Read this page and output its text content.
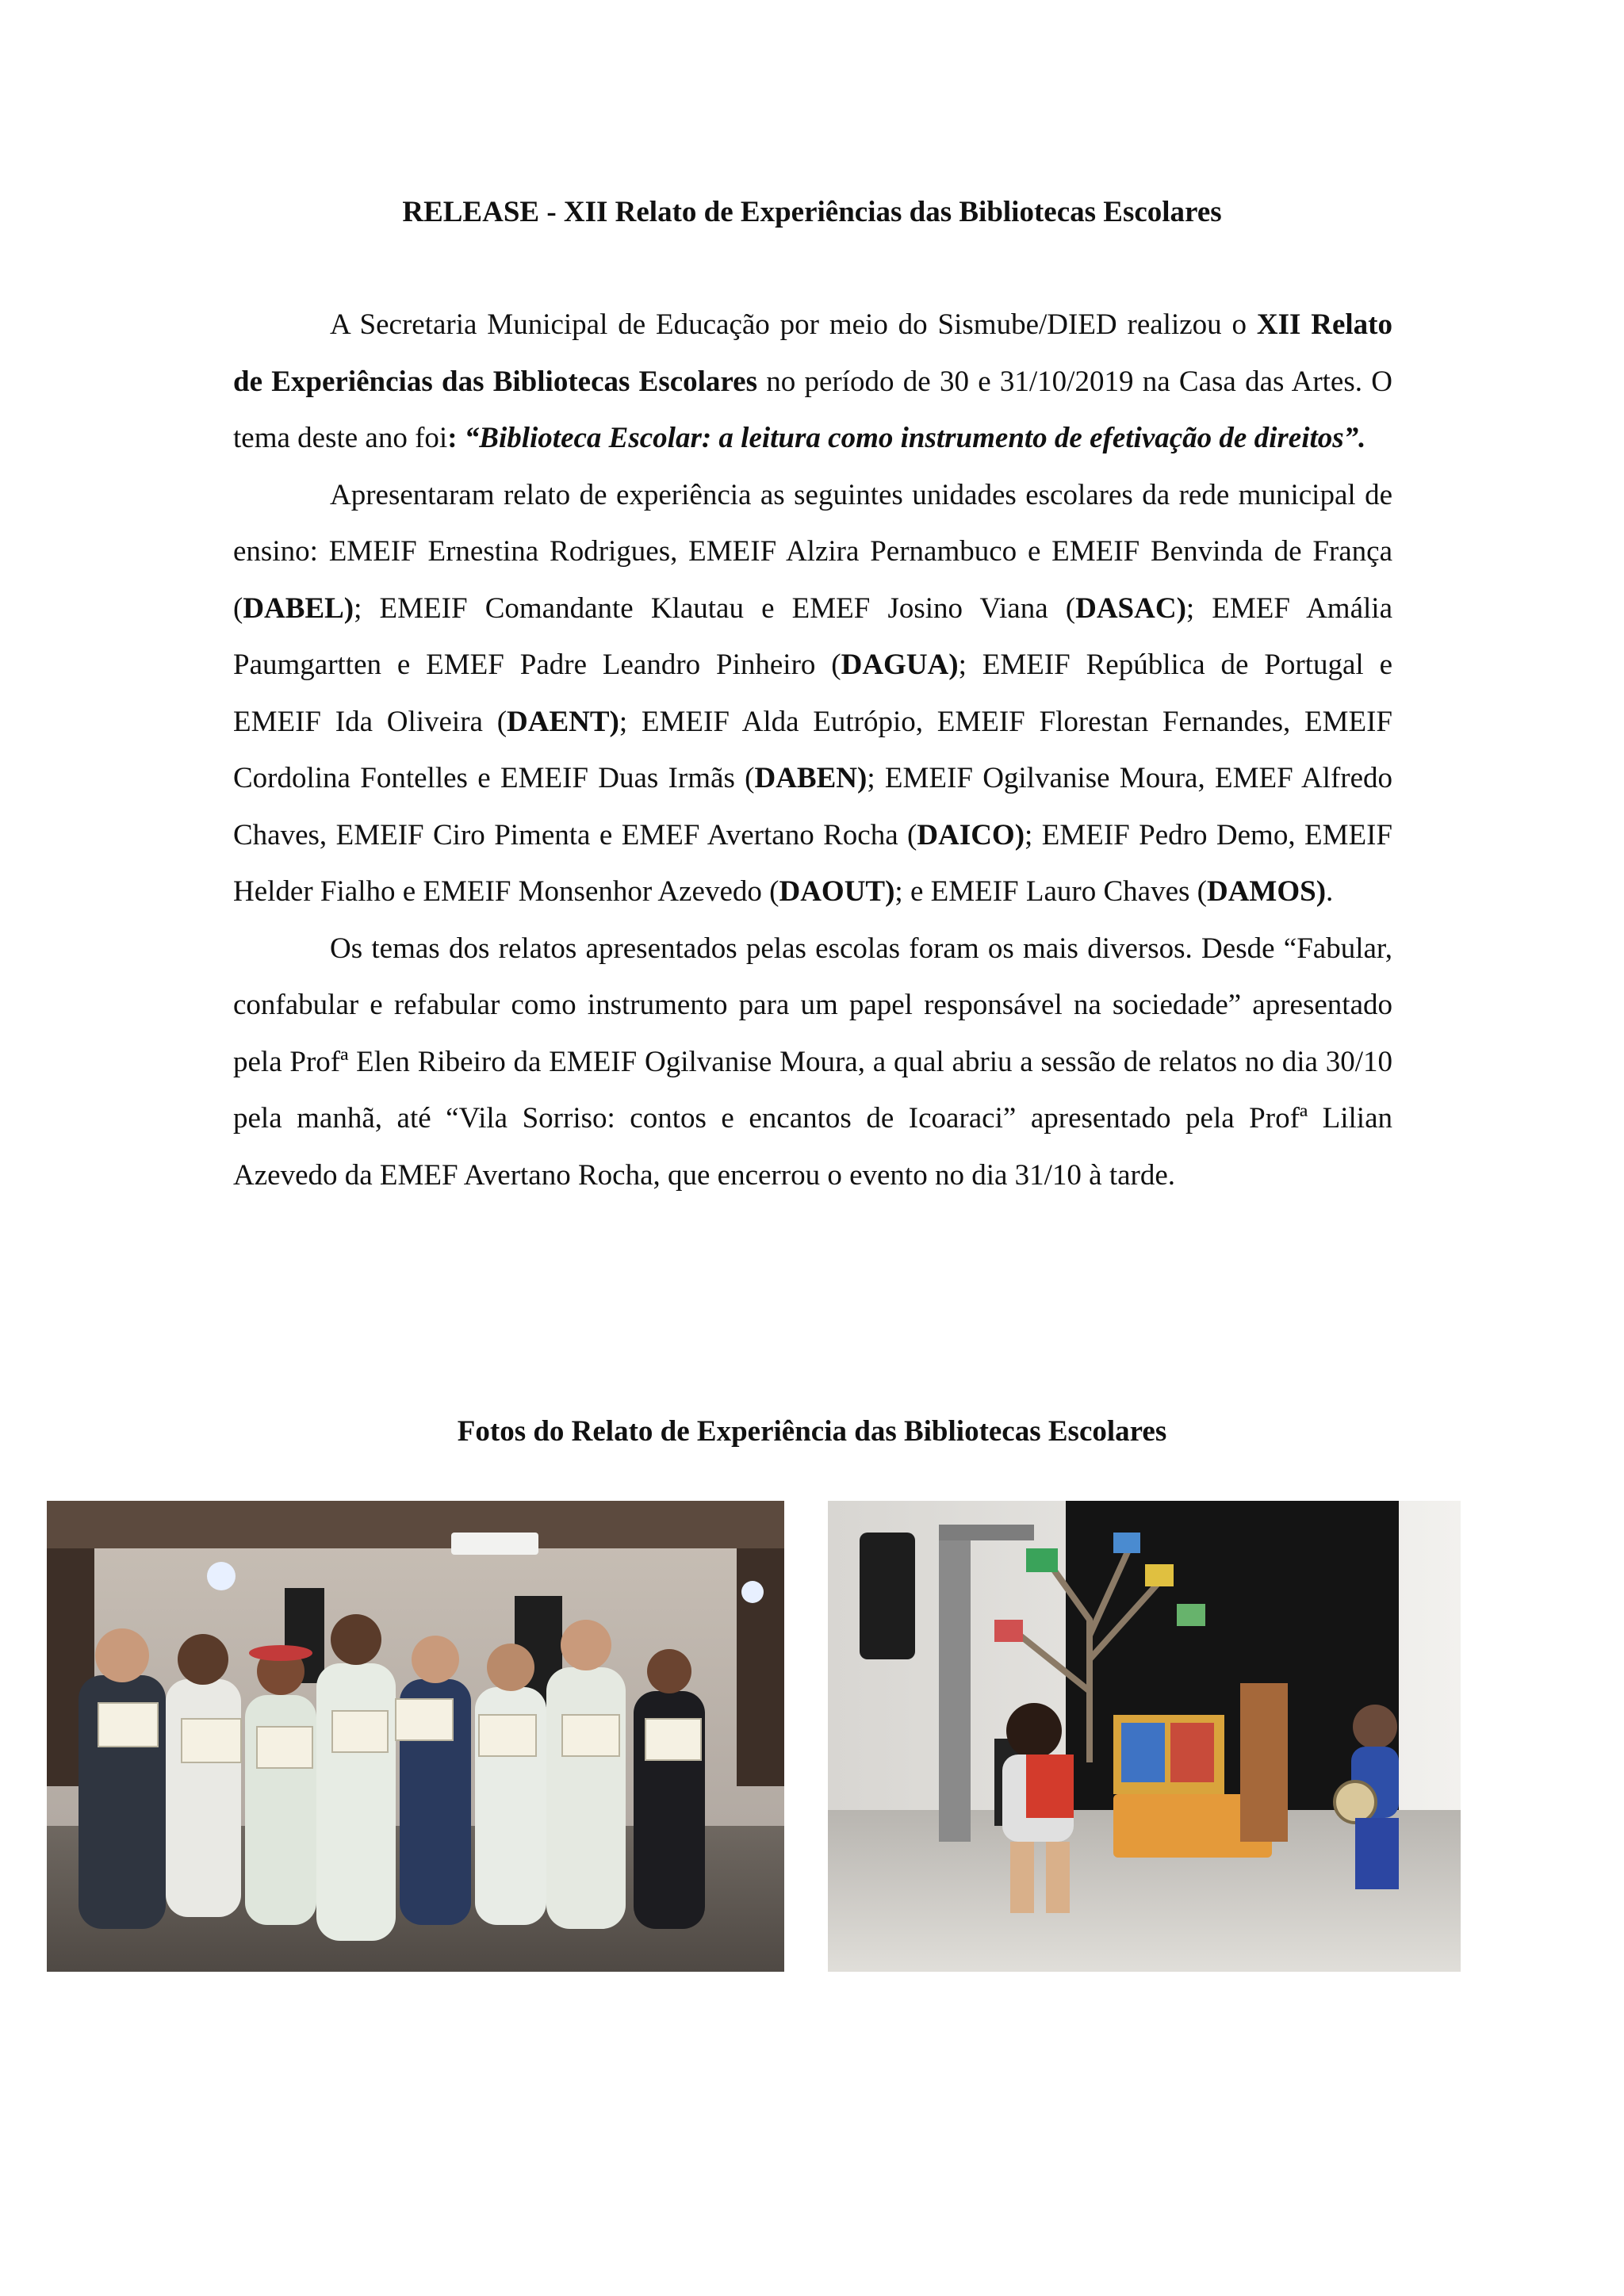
RELEASE - XII Relato de Experiências das Bibliotecas Escolares

A Secretaria Municipal de Educação por meio do Sismube/DIED realizou o XII Relato de Experiências das Bibliotecas Escolares no período de 30 e 31/10/2019 na Casa das Artes. O tema deste ano foi: “Biblioteca Escolar: a leitura como instrumento de efetivação de direitos”.

Apresentaram relato de experiência as seguintes unidades escolares da rede municipal de ensino: EMEIF Ernestina Rodrigues, EMEIF Alzira Pernambuco e EMEIF Benvinda de França (DABEL); EMEIF Comandante Klautau e EMEF Josino Viana (DASAC); EMEF Amália Paumgartten e EMEF Padre Leandro Pinheiro (DAGUA); EMEIF República de Portugal e EMEIF Ida Oliveira (DAENT); EMEIF Alda Eutrópio, EMEIF Florestan Fernandes, EMEIF Cordolina Fontelles e EMEIF Duas Irmãs (DABEN); EMEIF Ogilvanise Moura, EMEF Alfredo Chaves, EMEIF Ciro Pimenta e EMEF Avertano Rocha (DAICO); EMEIF Pedro Demo, EMEIF Helder Fialho e EMEIF Monsenhor Azevedo (DAOUT); e EMEIF Lauro Chaves (DAMOS).

Os temas dos relatos apresentados pelas escolas foram os mais diversos. Desde “Fabular, confabular e refabular como instrumento para um papel responsável na sociedade” apresentado pela Profª Elen Ribeiro da EMEIF Ogilvanise Moura, a qual abriu a sessão de relatos no dia 30/10 pela manhã, até “Vila Sorriso: contos e encantos de Icoaraci” apresentado pela Profª Lilian Azevedo da EMEF Avertano Rocha, que encerrou o evento no dia 31/10 à tarde.

Fotos do Relato de Experiência das Bibliotecas Escolares
